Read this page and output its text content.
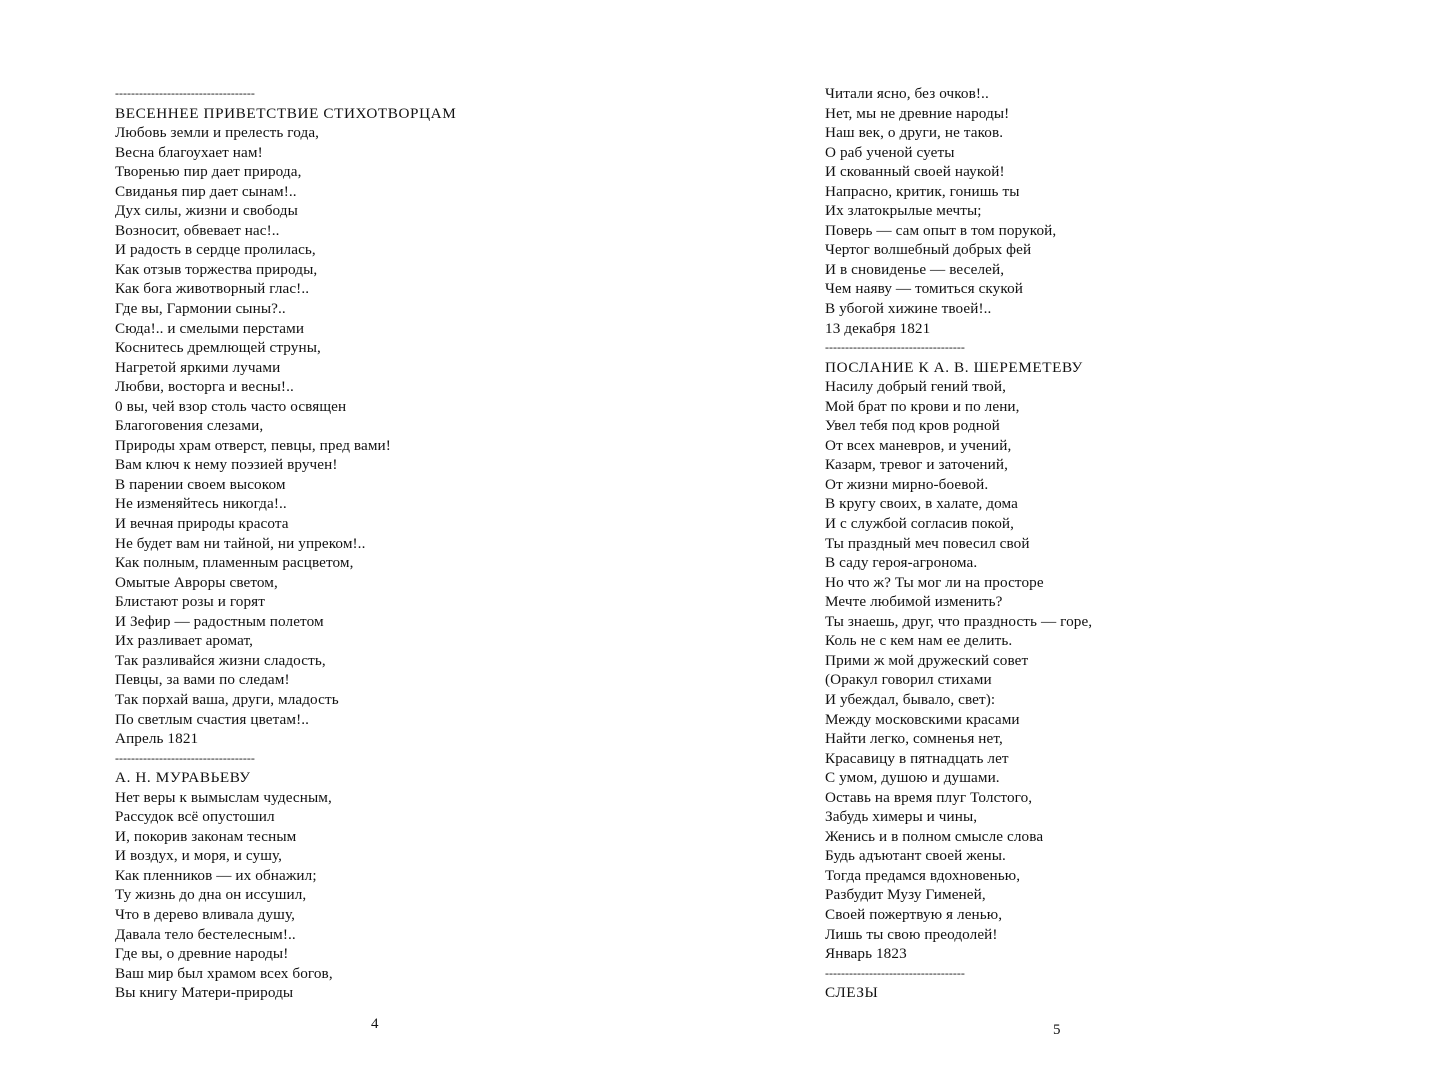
-----------------------------------
ВЕСЕННЕЕ ПРИВЕТСТВИЕ СТИХОТВОРЦАМ
Любовь земли и прелесть года,
Весна благоухает нам!
Творенью пир дает природа,
Свиданья пир дает сынам!..
Дух силы, жизни и свободы
Возносит, обвевает нас!..
И радость в сердце пролилась,
Как отзыв торжества природы,
Как бога животворный глас!..
Где вы, Гармонии сыны?..
Сюда!.. и смелыми перстами
Коснитесь дремлющей струны,
Нагретой яркими лучами
Любви, восторга и весны!..
0 вы, чей взор столь часто освящен
Благоговения слезами,
Природы храм отверст, певцы, пред вами!
Вам ключ к нему поэзией вручен!
В парении своем высоком
Не изменяйтесь никогда!..
И вечная природы красота
Не будет вам ни тайной, ни упреком!..
Как полным, пламенным расцветом,
Омытые Авроры светом,
Блистают розы и горят
И Зефир — радостным полетом
Их разливает аромат,
Так разливайся жизни сладость,
Певцы, за вами по следам!
Так порхай ваша, други, младость
По светлым счастия цветам!..
Апрель 1821
-----------------------------------
А. Н. МУРАВЬЕВУ
Нет веры к вымыслам чудесным,
Рассудок всё опустошил
И, покорив законам тесным
И воздух, и моря, и сушу,
Как пленников — их обнажил;
Ту жизнь до дна он иссушил,
Что в дерево вливала душу,
Давала тело бестелесным!..
Где вы, о древние народы!
Ваш мир был храмом всех богов,
Вы книгу Матери-природы
4
Читали ясно, без очков!..
Нет, мы не древние народы!
Наш век, о други, не таков.
О раб ученой суеты
И скованный своей наукой!
Напрасно, критик, гонишь ты
Их златокрылые мечты;
Поверь — сам опыт в том порукой,
Чертог волшебный добрых фей
И в сновиденье — веселей,
Чем наяву — томиться скукой
В убогой хижине твоей!..
13 декабря 1821
-----------------------------------
ПОСЛАНИЕ К А. В. ШЕРЕМЕТЕВУ
Насилу добрый гений твой,
Мой брат по крови и по лени,
Увел тебя под кров родной
От всех маневров, и учений,
Казарм, тревог и заточений,
От жизни мирно-боевой.
В кругу своих, в халате, дома
И с службой согласив покой,
Ты праздный меч повесил свой
В саду героя-агронома.
Но что ж? Ты мог ли на просторе
Мечте любимой изменить?
Ты знаешь, друг, что праздность — горе,
Коль не с кем нам ее делить.
Прими ж мой дружеский совет
(Оракул говорил стихами
И убеждал, бывало, свет):
Между московскими красами
Найти легко, сомненья нет,
Красавицу в пятнадцать лет
С умом, душою и душами.
Оставь на время плуг Толстого,
Забудь химеры и чины,
Женись и в полном смысле слова
Будь адъютант своей жены.
Тогда предамся вдохновенью,
Разбудит Музу Гименей,
Своей пожертвую я ленью,
Лишь ты свою преодолей!
Январь 1823
-----------------------------------
СЛЕЗЫ
5
